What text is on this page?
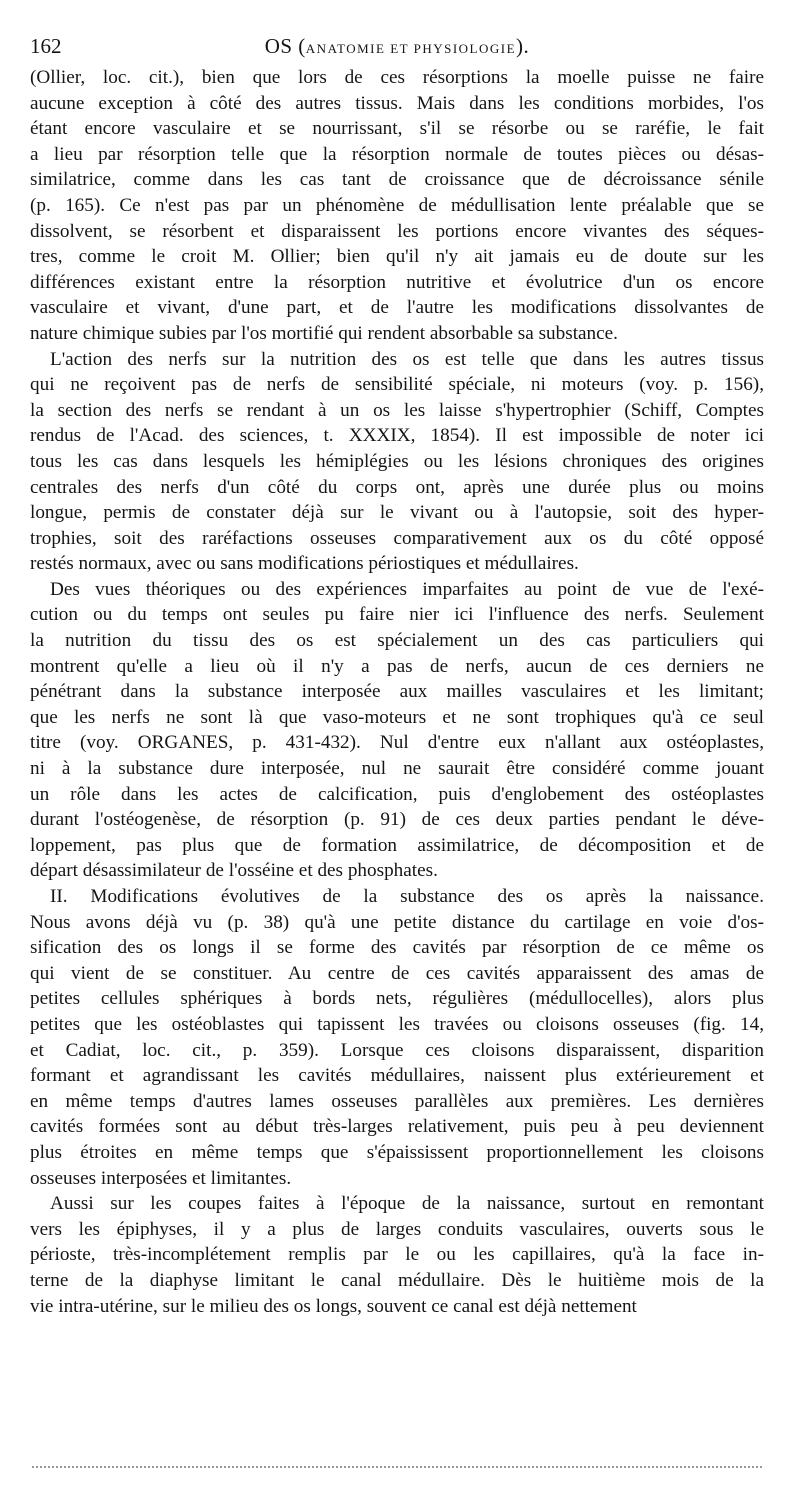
162	OS (ANATOMIE ET PHYSIOLOGIE).
(Ollier, loc. cit.), bien que lors de ces résorptions la moelle puisse ne faire
aucune exception à côté des autres tissus. Mais dans les conditions morbides, l'os
étant encore vasculaire et se nourrissant, s'il se résorbe ou se raréfie, le fait
a lieu par résorption telle que la résorption normale de toutes pièces ou désas-
similatrice, comme dans les cas tant de croissance que de décroissance sénile
(p. 165). Ce n'est pas par un phénomène de médullisation lente préalable que se
dissolvent, se résorbent et disparaissent les portions encore vivantes des séques-
tres, comme le croit M. Ollier; bien qu'il n'y ait jamais eu de doute sur les
différences existant entre la résorption nutritive et évolutrice d'un os encore
vasculaire et vivant, d'une part, et de l'autre les modifications dissolvantes de
nature chimique subies par l'os mortifié qui rendent absorbable sa substance.
L'action des nerfs sur la nutrition des os est telle que dans les autres tissus
qui ne reçoivent pas de nerfs de sensibilité spéciale, ni moteurs (voy. p. 156),
la section des nerfs se rendant à un os les laisse s'hypertrophier (Schiff, Comptes
rendus de l'Acad. des sciences, t. XXXIX, 1854). Il est impossible de noter ici
tous les cas dans lesquels les hémiplégies ou les lésions chroniques des origines
centrales des nerfs d'un côté du corps ont, après une durée plus ou moins
longue, permis de constater déjà sur le vivant ou à l'autopsie, soit des hyper-
trophies, soit des raréfactions osseuses comparativement aux os du côté opposé
restés normaux, avec ou sans modifications périostiques et médullaires.
Des vues théoriques ou des expériences imparfaites au point de vue de l'exé-
cution ou du temps ont seules pu faire nier ici l'influence des nerfs. Seulement
la nutrition du tissu des os est spécialement un des cas particuliers qui
montrent qu'elle a lieu où il n'y a pas de nerfs, aucun de ces derniers ne
pénétrant dans la substance interposée aux mailles vasculaires et les limitant;
que les nerfs ne sont là que vaso-moteurs et ne sont trophiques qu'à ce seul
titre (voy. ORGANES, p. 431-432). Nul d'entre eux n'allant aux ostéoplastes,
ni à la substance dure interposée, nul ne saurait être considéré comme jouant
un rôle dans les actes de calcification, puis d'englobement des ostéoplastes
durant l'ostéogenèse, de résorption (p. 91) de ces deux parties pendant le déve-
loppement, pas plus que de formation assimilatrice, de décomposition et de
départ désassimilateur de l'osséine et des phosphates.
II. Modifications évolutives de la substance des os après la naissance.
Nous avons déjà vu (p. 38) qu'à une petite distance du cartilage en voie d'os-
sification des os longs il se forme des cavités par résorption de ce même os
qui vient de se constituer. Au centre de ces cavités apparaissent des amas de
petites cellules sphériques à bords nets, régulières (médullocelles), alors plus
petites que les ostéoblastes qui tapissent les travées ou cloisons osseuses (fig. 14,
et Cadiat, loc. cit., p. 359). Lorsque ces cloisons disparaissent, disparition
formant et agrandissant les cavités médullaires, naissent plus extérieurement et
en même temps d'autres lames osseuses parallèles aux premières. Les dernières
cavités formées sont au début très-larges relativement, puis peu à peu deviennent
plus étroites en même temps que s'épaississent proportionnellement les cloisons
osseuses interposées et limitantes.
Aussi sur les coupes faites à l'époque de la naissance, surtout en remontant
vers les épiphyses, il y a plus de larges conduits vasculaires, ouverts sous le
périoste, très-incomplétement remplis par le ou les capillaires, qu'à la face in-
terne de la diaphyse limitant le canal médullaire. Dès le huitième mois de la
vie intra-utérine, sur le milieu des os longs, souvent ce canal est déjà nettement
